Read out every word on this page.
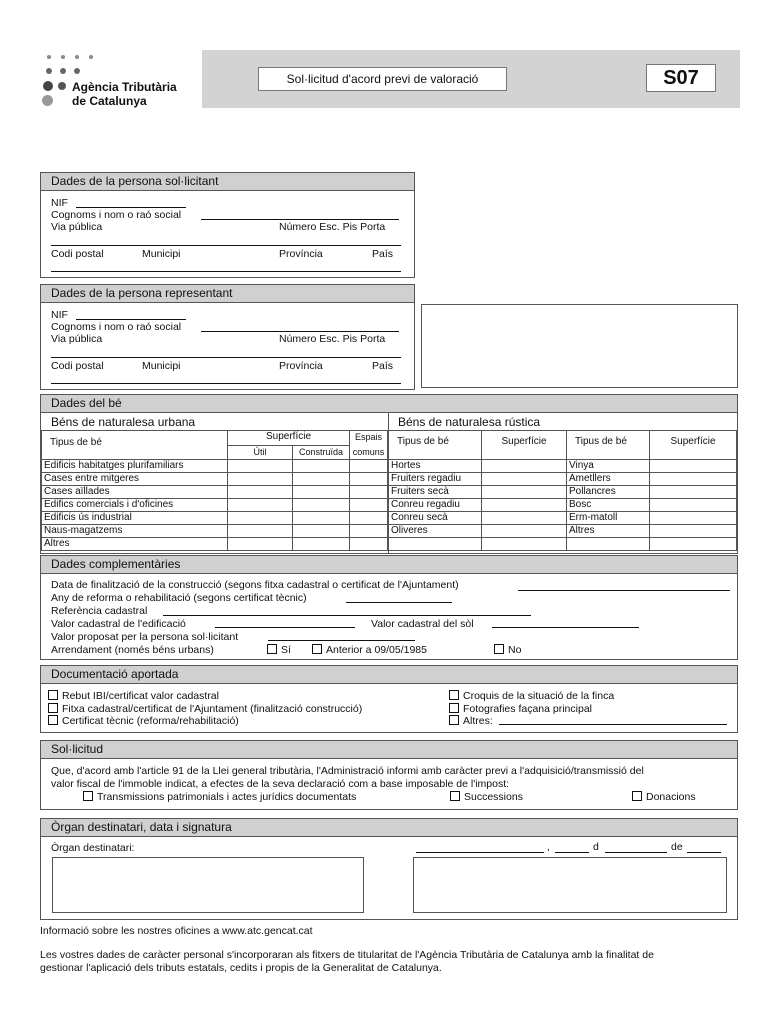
Agència Tributària
de Catalunya
Sol·licitud d'acord previ de valoració	S07
Dades de la persona sol·licitant
NIF
Cognoms i nom o raó social
Via pública	Número Esc. Pis Porta
Codi postal	Municipi	Província	País
Dades de la persona representant
NIF
Cognoms i nom o raó social
Via pública	Número Esc. Pis Porta
Codi postal	Municipi	Província	País
Dades del bé
Béns de naturalesa urbana	Béns de naturalesa rústica
Tipus de bé	Superfície		Espais
	Útil	Construïda	comuns
Edificis habitatges plurifamiliars			
Cases entre mitgeres			
Cases aïllades			
Edifics comercials i d'oficines			
Edificis ús industrial			
Naus-magatzems			
Altres			
Tipus de bé	Superfície	Tipus de bé	Superfície
Hortes		Vinya	
Fruiters regadiu		Ametllers	
Fruiters secà		Pollancres	
Conreu regadiu		Bosc	
Conreu secà		Erm-matoll	
Oliveres		Altres	

Dades complementàries
Data de finalització de la construcció (segons fitxa cadastral o certificat de l'Ajuntament)
Any de reforma o rehabilitació (segons certificat tècnic)
Referència cadastral
Valor cadastral de l'edificació	Valor cadastral del sòl
Valor proposat per la persona sol·licitant
Arrendament (només béns urbans)	Sí	Anterior a 09/05/1985	No
Documentació aportada
Rebut IBI/certificat valor cadastral
Fitxa cadastral/certificat de l'Ajuntament (finalització construcció)
Certificat tècnic (reforma/rehabilitació)
Croquis de la situació de la finca
Fotografies façana principal
Altres:
Sol·licitud
Que, d'acord amb l'article 91 de la Llei general tributària, l'Administració informi amb caràcter previ a l'adquisició/transmissió del
valor fiscal de l'immoble indicat, a efectes de la seva declaració com a base imposable de l'impost:
Transmissions patrimonials i actes jurídics documentats	Successions	Donacions
Òrgan destinatari, data i signatura
Òrgan destinatari:	,	d	de
Informació sobre les nostres oficines a www.atc.gencat.cat
Les vostres dades de caràcter personal s'incorporaran als fitxers de titularitat de l'Agència Tributària de Catalunya amb la finalitat de
gestionar l'aplicació dels tributs estatals, cedits i propis de la Generalitat de Catalunya.
